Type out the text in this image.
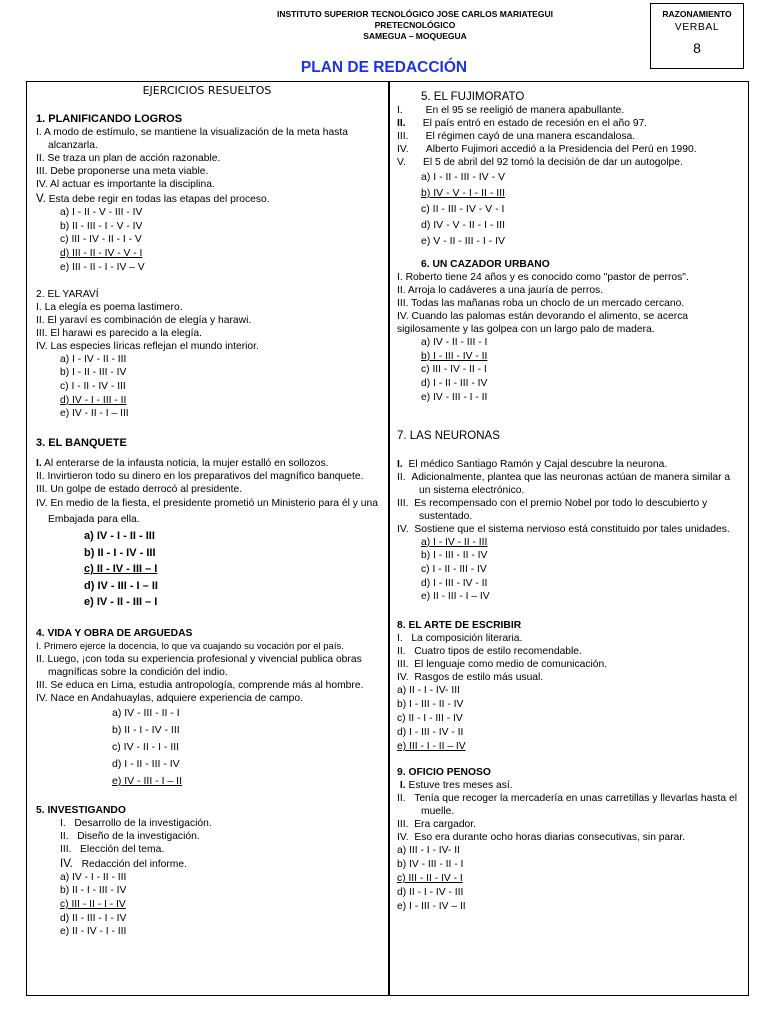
INSTITUTO SUPERIOR TECNOLÓGICO JOSE CARLOS MARIATEGUI
PRETECNOLÓGICO
SAMEGUA – MOQUEGUA
RAZONAMIENTO
VERBAL
8
PLAN DE REDACCIÓN
EJERCICIOS RESUELTOS
1. PLANIFICANDO LOGROS
I. A modo de estímulo, se mantiene la visualización de la meta hasta alcanzarla.
II. Se traza un plan de acción razonable.
III. Debe proponerse una meta viable.
IV. Al actuar es importante la disciplina.
V. Esta debe regir en todas las etapas del proceso.
a) I - II - V - III - IV
b) II - III - I - V - IV
c) III - IV - II - I - V
d) III - II - IV - V - I
e) III - II - I - IV – V
2. EL YARAVÍ
I. La elegía es poema lastimero.
II. El yaraví es combinación de elegía y harawi.
III. El harawi es parecido a la elegía.
IV. Las especies líricas reflejan el mundo interior.
a) I - IV - II - III
b) I - II - III - IV
c) I - II - IV - III
d) IV - I - III - II
e) IV - II - I – III
3. EL BANQUETE
I. Al enterarse de la infausta noticia, la mujer estalló en sollozos.
II. Invirtieron todo su dinero en los preparativos del magnífico banquete.
III. Un golpe de estado derrocó al presidente.
IV. En medio de la fiesta, el presidente prometió un Ministerio para él y una Embajada para ella.
a) IV - I - II - III
b) II - I - IV - III
c) II - IV - III – I
d) IV - III - I – II
e) IV - II - III – I
4. VIDA Y OBRA DE ARGUEDAS
I. Primero ejerce la docencia, lo que va cuajando su vocación por el país.
II. Luego, ¡con toda su experiencia profesional y vivencial publica obras magníficas sobre la condición del indio.
III. Se educa en Lima, estudia antropología, comprende más al hombre.
IV. Nace en Andahuaylas, adquiere experiencia de campo.
a) IV - III - II - I
b) II - I - IV - III
c) IV - II - I - III
d) I - II - III - IV
e) IV - III - I – II
5. INVESTIGANDO
I. Desarrollo de la investigación.
II. Diseño de la investigación.
III. Elección del tema.
IV. Redacción del informe.
a) IV - I - II - III
b) II - I - III - IV
c) III - II - I - IV
d) II - III - I - IV
e) II - IV - I - III
5. EL FUJIMORATO
I. En el 95 se reeligió de manera apabullante.
II. El país entró en estado de recesión en el año 97.
III. El régimen cayó de una manera escandalosa.
IV. Alberto Fujimori accedió a la Presidencia del Perú en 1990.
V. El 5 de abril del 92 tomó la decisión de dar un autogolpe.
a) I - II - III - IV - V
b) IV - V - I - II - III
c) II - III - IV - V - I
d) IV - V - II - I - III
e) V - II - III - I - IV
6. UN CAZADOR URBANO
I. Roberto tiene 24 años y es conocido como "pastor de perros".
II. Arroja lo cadáveres a una jauría de perros.
III. Todas las mañanas roba un choclo de un mercado cercano.
IV. Cuando las palomas están devorando el alimento, se acerca sigilosamente y las golpea con un largo palo de madera.
a) IV - II - III - I
b) I - III - IV - II
c) III - IV - II - I
d) I - II - III - IV
e) IV - III - I - II
7. LAS NEURONAS
I. El médico Santiago Ramón y Cajal descubre la neurona.
II. Adicionalmente, plantea que las neuronas actúan de manera similar a un sistema electrónico.
III. Es recompensado con el premio Nobel por todo lo descubierto y sustentado.
IV. Sostiene que el sistema nervioso está constituido por tales unidades.
a) I - IV - II - III
b) I - III - II - IV
c) I - II - III - IV
d) I - III - IV - II
e) II - III - I – IV
8. EL ARTE DE ESCRIBIR
I. La composición literaria.
II. Cuatro tipos de estilo recomendable.
III. El lenguaje como medio de comunicación.
IV. Rasgos de estilo más usual.
a) II - I - IV- III
b) I - III - II - IV
c) II - I - III - IV
d) I - III - IV - II
e) III - I - II – IV
9. OFICIO PENOSO
I. Estuve tres meses así.
II. Tenía que recoger la mercadería en unas carretillas y llevarlas hasta el muelle.
III. Era cargador.
IV. Eso era durante ocho horas diarias consecutivas, sin parar.
a) III - I - IV- II
b) IV - III - II - I
c) III - II - IV - I
d) II - I - IV - III
e) I - III - IV – II
